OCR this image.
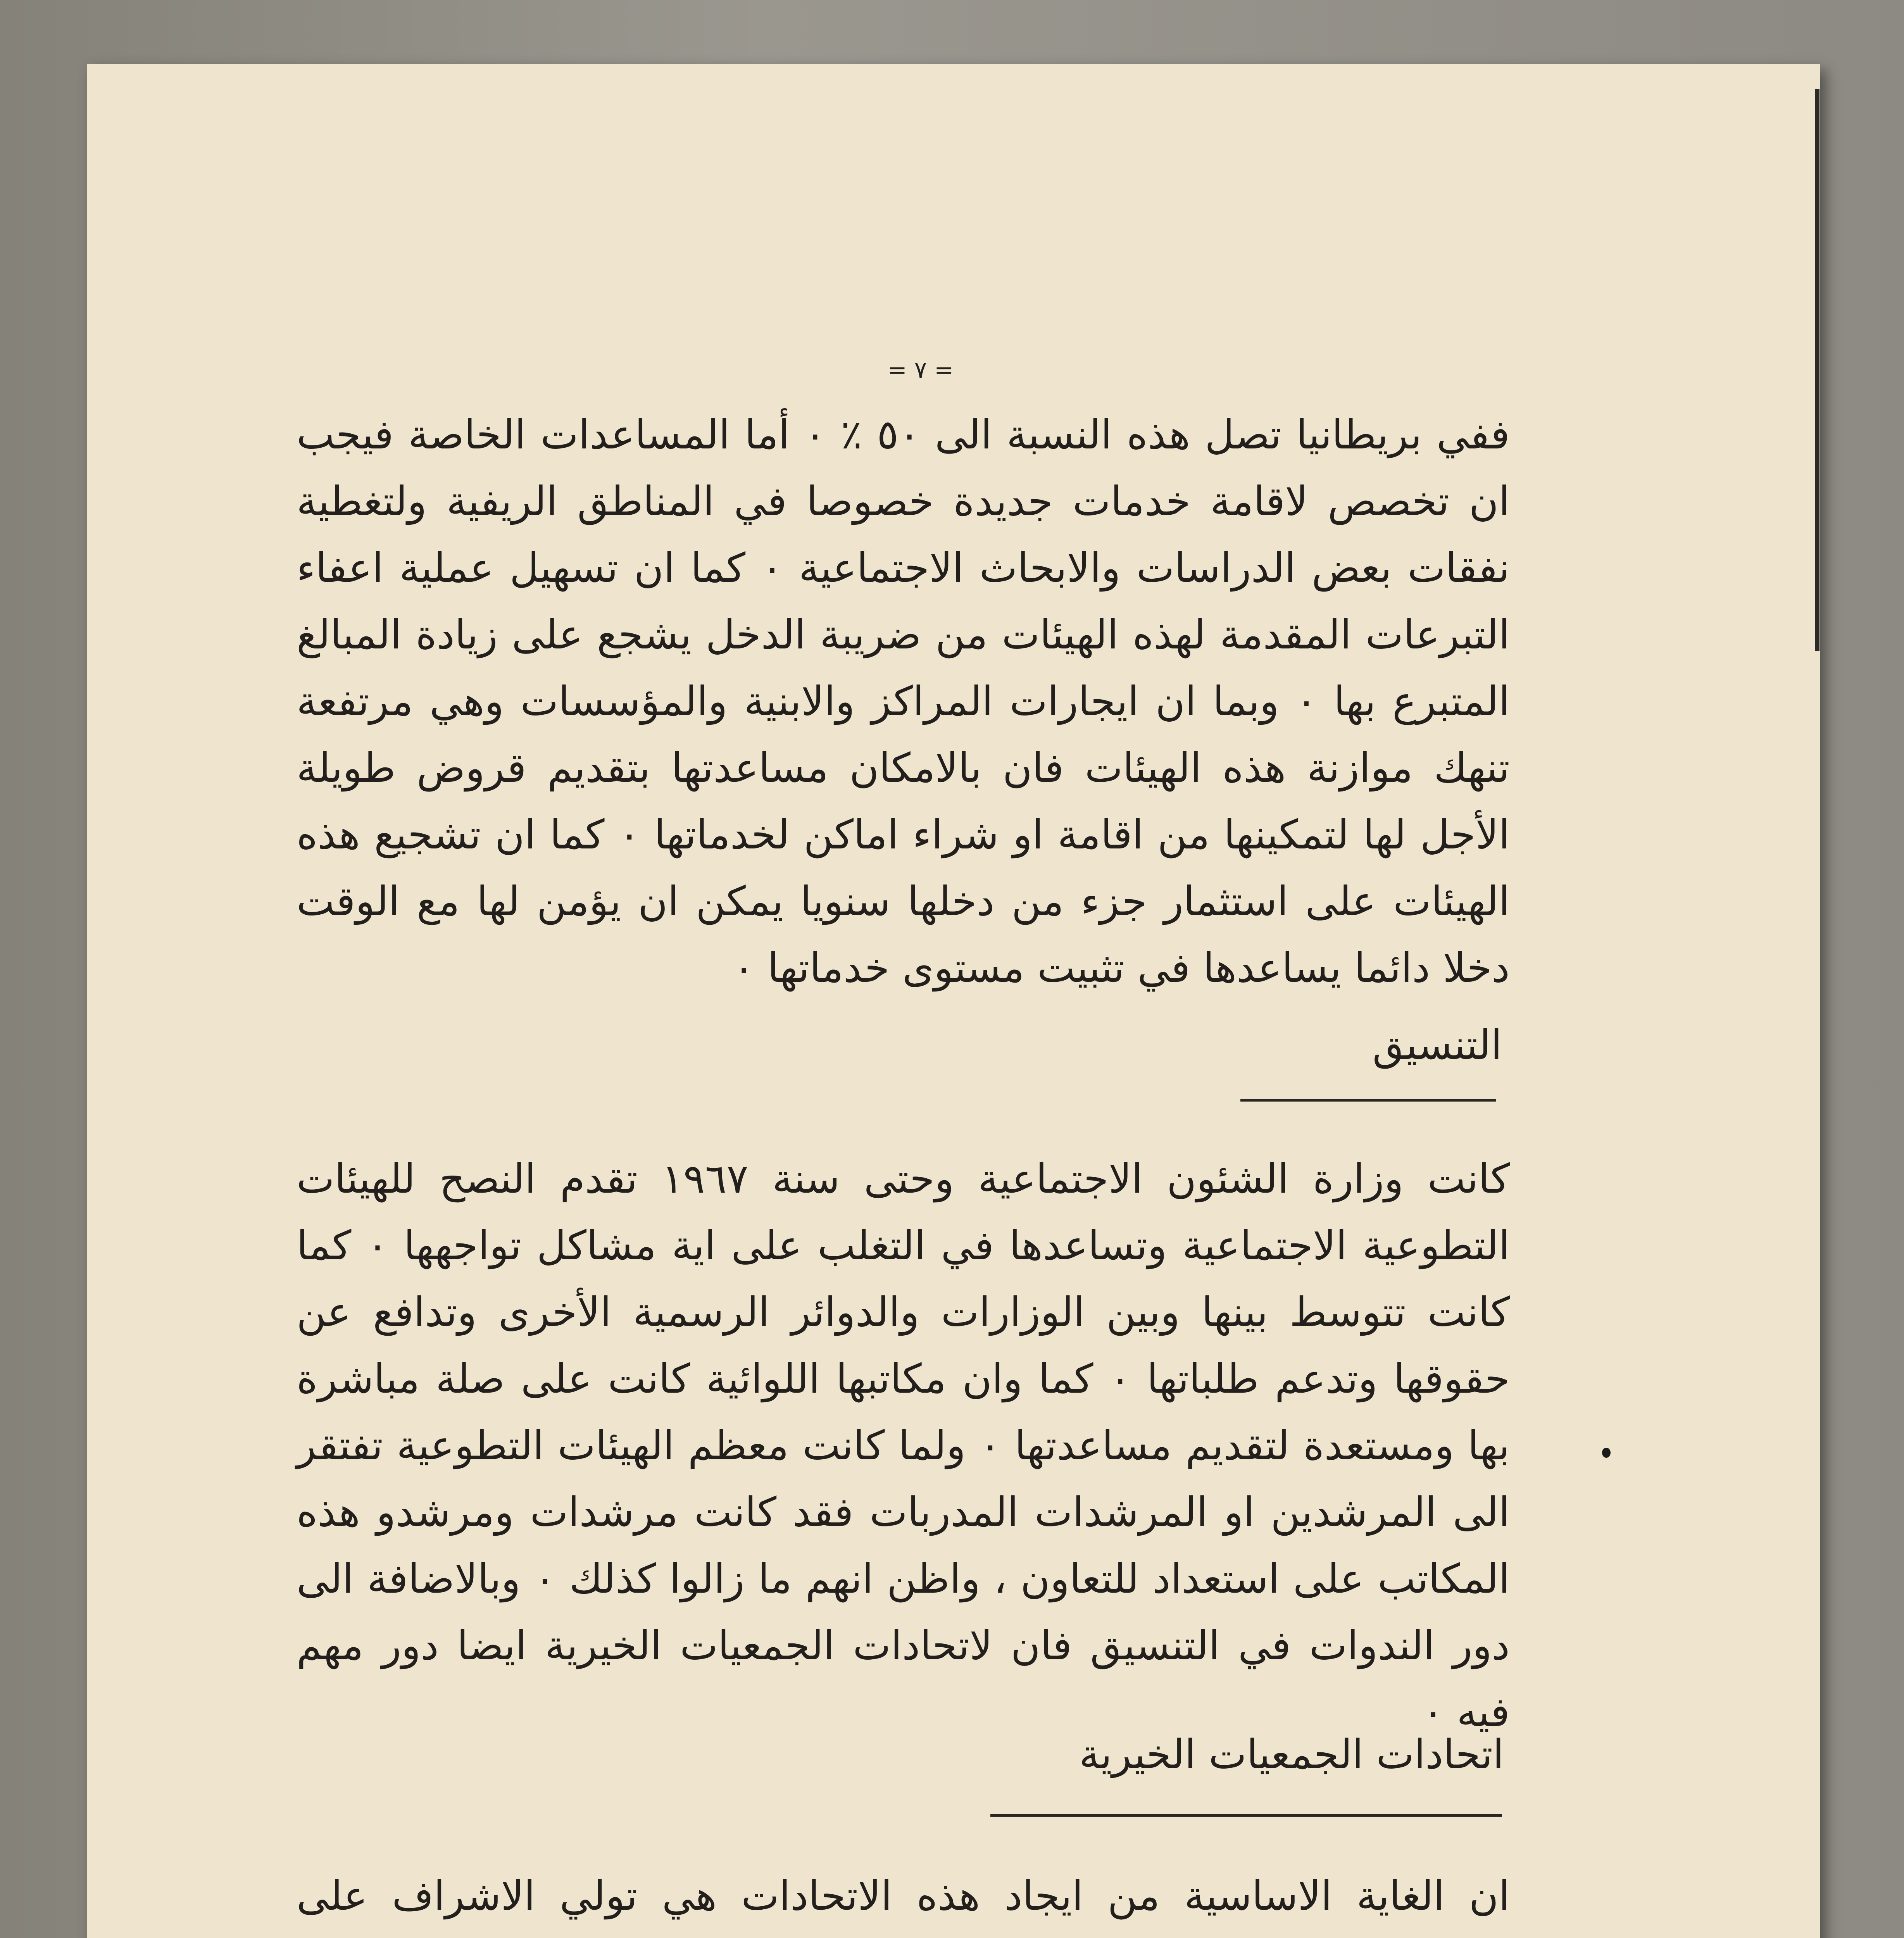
= ٧ =
ففي بريطانيا تصل هذه النسبة الى ٥٠ ٪ ٠ أما المساعدات الخاصة فيجب ان تخصص لاقامة خدمات جديدة خصوصا في المناطق الريفية ولتغطية نفقات بعض الدراسات والابحاث الاجتماعية ٠ كما ان تسهيل عملية اعفاء التبرعات المقدمة لهذه الهيئات من ضريبة الدخل يشجع على زيادة المبالغ المتبرع بها ٠ وبما ان ايجارات المراكز والابنية والمؤسسات وهي مرتفعة تنهك موازنة هذه الهيئات فان بالامكان مساعدتها بتقديم قروض طويلة الأجل لها لتمكينها من اقامة او شراء اماكن لخدماتها ٠ كما ان تشجيع هذه الهيئات على استثمار جزء من دخلها سنويا يمكن ان يؤمن لها مع الوقت دخلا دائما يساعدها في تثبيت مستوى خدماتها ٠
التنسيق
كانت وزارة الشئون الاجتماعية وحتى سنة ١٩٦٧ تقدم النصح للهيئات التطوعية الاجتماعية وتساعدها في التغلب على اية مشاكل تواجهها ٠ كما كانت تتوسط بينها وبين الوزارات والدوائر الرسمية الأخرى وتدافع عن حقوقها وتدعم طلباتها ٠ كما وان مكاتبها اللوائية كانت على صلة مباشرة بها ومستعدة لتقديم مساعدتها ٠ ولما كانت معظم الهيئات التطوعية تفتقر الى المرشدين او المرشدات المدربات فقد كانت مرشدات ومرشدو هذه المكاتب على استعداد للتعاون ، واظن انهم ما زالوا كذلك ٠ وبالاضافة الى دور الندوات في التنسيق فان لاتحادات الجمعيات الخيرية ايضا دور مهم فيه ٠
اتحادات الجمعيات الخيرية
ان الغاية الاساسية من ايجاد هذه الاتحادات هي تولي الاشراف على
